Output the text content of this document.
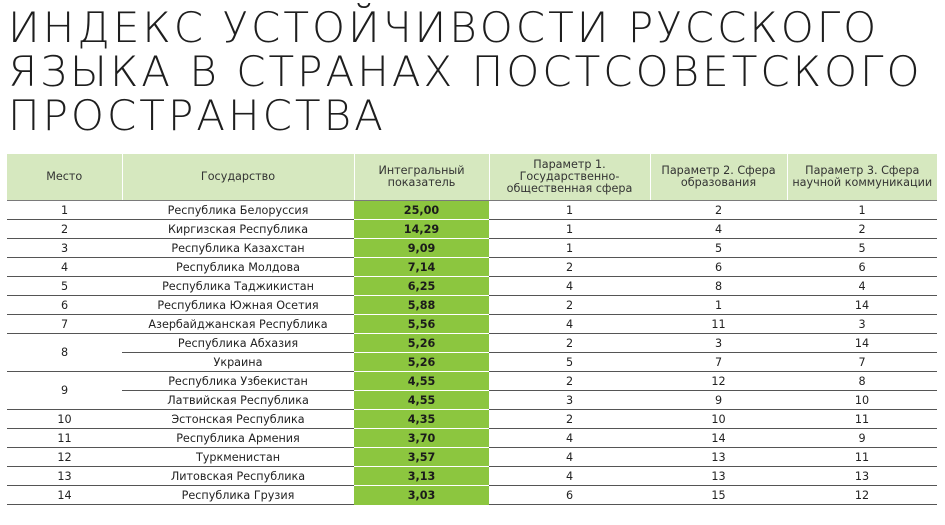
ИНДЕКС УСТОЙЧИВОСТИ РУССКОГО
ЯЗЫКА В СТРАНАХ ПОСТСОВЕТСКОГО
ПРОСТРАНСТВА
Место	Государство	Интегральный показатель	Параметр 1. Государственно-общественная сфера	Параметр 2. Сфера образования	Параметр 3. Сфера научной коммуникации
1	Республика Белоруссия	25,00	1	2	1
2	Киргизская Республика	14,29	1	4	2
3	Республика Казахстан	9,09	1	5	5
4	Республика Молдова	7,14	2	6	6
5	Республика Таджикистан	6,25	4	8	4
6	Республика Южная Осетия	5,88	2	1	14
7	Азербайджанская Республика	5,56	4	11	3
8	Республика Абхазия	5,26	2	3	14
	Украина	5,26	5	7	7
9	Республика Узбекистан	4,55	2	12	8
	Латвийская Республика	4,55	3	9	10
10	Эстонская Республика	4,35	2	10	11
11	Республика Армения	3,70	4	14	9
12	Туркменистан	3,57	4	13	11
13	Литовская Республика	3,13	4	13	13
14	Республика Грузия	3,03	6	15	12
